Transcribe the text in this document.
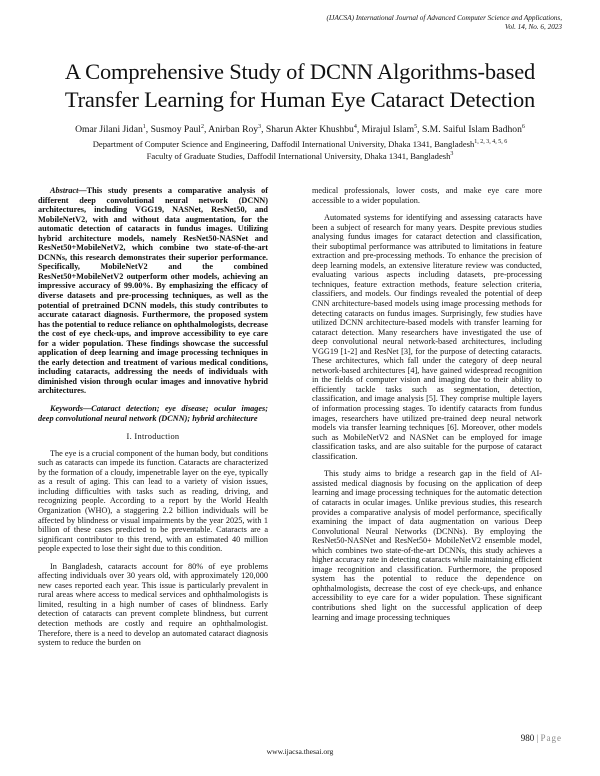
(IJACSA) International Journal of Advanced Computer Science and Applications,
Vol. 14, No. 6, 2023
A Comprehensive Study of DCNN Algorithms-based
Transfer Learning for Human Eye Cataract Detection
Omar Jilani Jidan$^1$, Susmoy Paul$^2$, Anirban Roy$^3$, Sharun Akter Khushbu$^4$, Mirajul Islam$^5$, S.M. Saiful Islam Badhon$^6$
Department of Computer Science and Engineering, Daffodil International University, Dhaka 1341, Bangladesh$^{1, 2, 3, 4, 5, 6}$
Faculty of Graduate Studies, Daffodil International University, Dhaka 1341, Bangladesh$^3$

Abstract—This study presents a comparative analysis of different deep convolutional neural network (DCNN) architectures, including VGG19, NASNet, ResNet50, and MobileNetV2, with and without data augmentation, for the automatic detection of cataracts in fundus images. Utilizing hybrid architecture models, namely ResNet50-NASNet and ResNet50+MobileNetV2, which combine two state-of-the-art DCNNs, this research demonstrates their superior performance. Specifically, MobileNetV2 and the combined ResNet50+MobileNetV2 outperform other models, achieving an impressive accuracy of 99.00%. By emphasizing the efficacy of diverse datasets and pre-processing techniques, as well as the potential of pretrained DCNN models, this study contributes to accurate cataract diagnosis. Furthermore, the proposed system has the potential to reduce reliance on ophthalmologists, decrease the cost of eye check-ups, and improve accessibility to eye care for a wider population. These findings showcase the successful application of deep learning and image processing techniques in the early detection and treatment of various medical conditions, including cataracts, addressing the needs of individuals with diminished vision through ocular images and innovative hybrid architectures.

Keywords—Cataract detection; eye disease; ocular images; deep convolutional neural network (DCNN); hybrid architecture

I. Introduction

The eye is a crucial component of the human body, but conditions such as cataracts can impede its function. Cataracts are characterized by the formation of a cloudy, impenetrable layer on the eye, typically as a result of aging. This can lead to a variety of vision issues, including difficulties with tasks such as reading, driving, and recognizing people. According to a report by the World Health Organization (WHO), a staggering 2.2 billion individuals will be affected by blindness or visual impairments by the year 2025, with 1 billion of these cases predicted to be preventable. Cataracts are a significant contributor to this trend, with an estimated 40 million people expected to lose their sight due to this condition.

In Bangladesh, cataracts account for 80% of eye problems affecting individuals over 30 years old, with approximately 120,000 new cases reported each year. This issue is particularly prevalent in rural areas where access to medical services and ophthalmologists is limited, resulting in a high number of cases of blindness. Early detection of cataracts can prevent complete blindness, but current detection methods are costly and require an ophthalmologist. Therefore, there is a need to develop an automated cataract diagnosis system to reduce the burden on

medical professionals, lower costs, and make eye care more accessible to a wider population.

Automated systems for identifying and assessing cataracts have been a subject of research for many years. Despite previous studies analysing fundus images for cataract detection and classification, their suboptimal performance was attributed to limitations in feature extraction and pre-processing methods. To enhance the precision of deep learning models, an extensive literature review was conducted, evaluating various aspects including datasets, pre-processing techniques, feature extraction methods, feature selection criteria, classifiers, and models. Our findings revealed the potential of deep CNN architecture-based models using image processing methods for detecting cataracts on fundus images. Surprisingly, few studies have utilized DCNN architecture-based models with transfer learning for cataract detection. Many researchers have investigated the use of deep convolutional neural network-based architectures, including VGG19 [1-2] and ResNet [3], for the purpose of detecting cataracts. These architectures, which fall under the category of deep neural network-based architectures [4], have gained widespread recognition in the fields of computer vision and imaging due to their ability to efficiently tackle tasks such as segmentation, detection, classification, and image analysis [5]. They comprise multiple layers of information processing stages. To identify cataracts from fundus images, researchers have utilized pre-trained deep neural network models via transfer learning techniques [6]. Moreover, other models such as MobileNetV2 and NASNet can be employed for image classification tasks, and are also suitable for the purpose of cataract classification.

This study aims to bridge a research gap in the field of AI-assisted medical diagnosis by focusing on the application of deep learning and image processing techniques for the automatic detection of cataracts in ocular images. Unlike previous studies, this research provides a comparative analysis of model performance, specifically examining the impact of data augmentation on various Deep Convolutional Neural Networks (DCNNs). By employing the ResNet50-NASNet and ResNet50+ MobileNetV2 ensemble model, which combines two state-of-the-art DCNNs, this study achieves a higher accuracy rate in detecting cataracts while maintaining efficient image recognition and classification. Furthermore, the proposed system has the potential to reduce the dependence on ophthalmologists, decrease the cost of eye check-ups, and enhance accessibility to eye care for a wider population. These significant contributions shed light on the successful application of deep learning and image processing techniques

980 | Page
www.ijacsa.thesai.org
